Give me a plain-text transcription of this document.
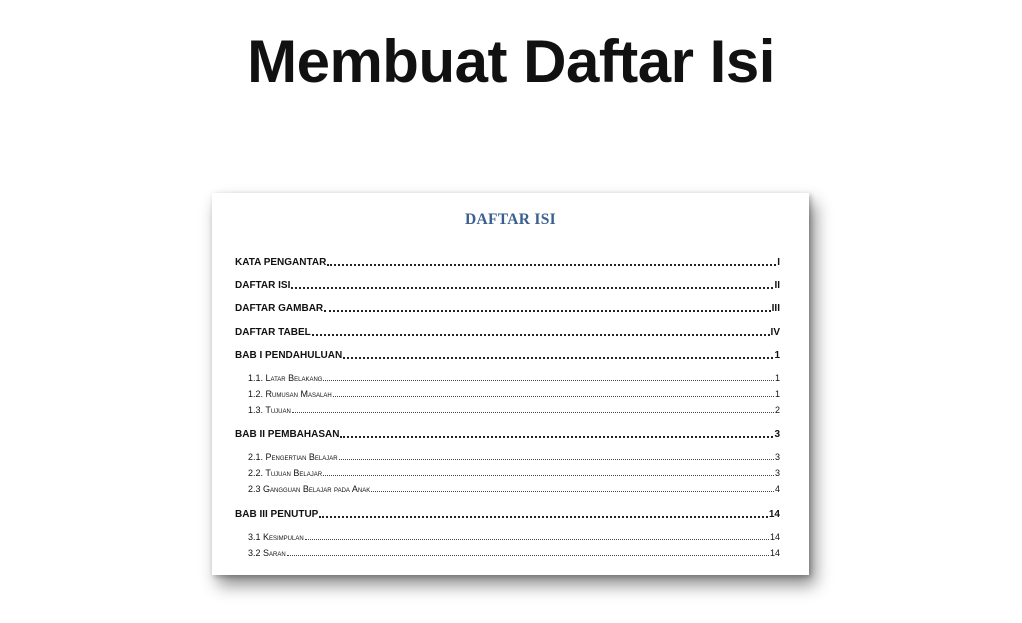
Membuat Daftar Isi
DAFTAR ISI
KATA PENGANTAR	I
DAFTAR ISI	II
DAFTAR GAMBAR	III
DAFTAR TABEL	IV
BAB I PENDAHULUAN	1
1.1. Latar Belakang	1
1.2. Rumusan Masalah	1
1.3. Tujuan	2
BAB II PEMBAHASAN	3
2.1. Pengertian Belajar	3
2.2. Tujuan Belajar	3
2.3 Gangguan Belajar pada Anak	4
BAB III PENUTUP	14
3.1 Kesimpulan	14
3.2 Saran	14
